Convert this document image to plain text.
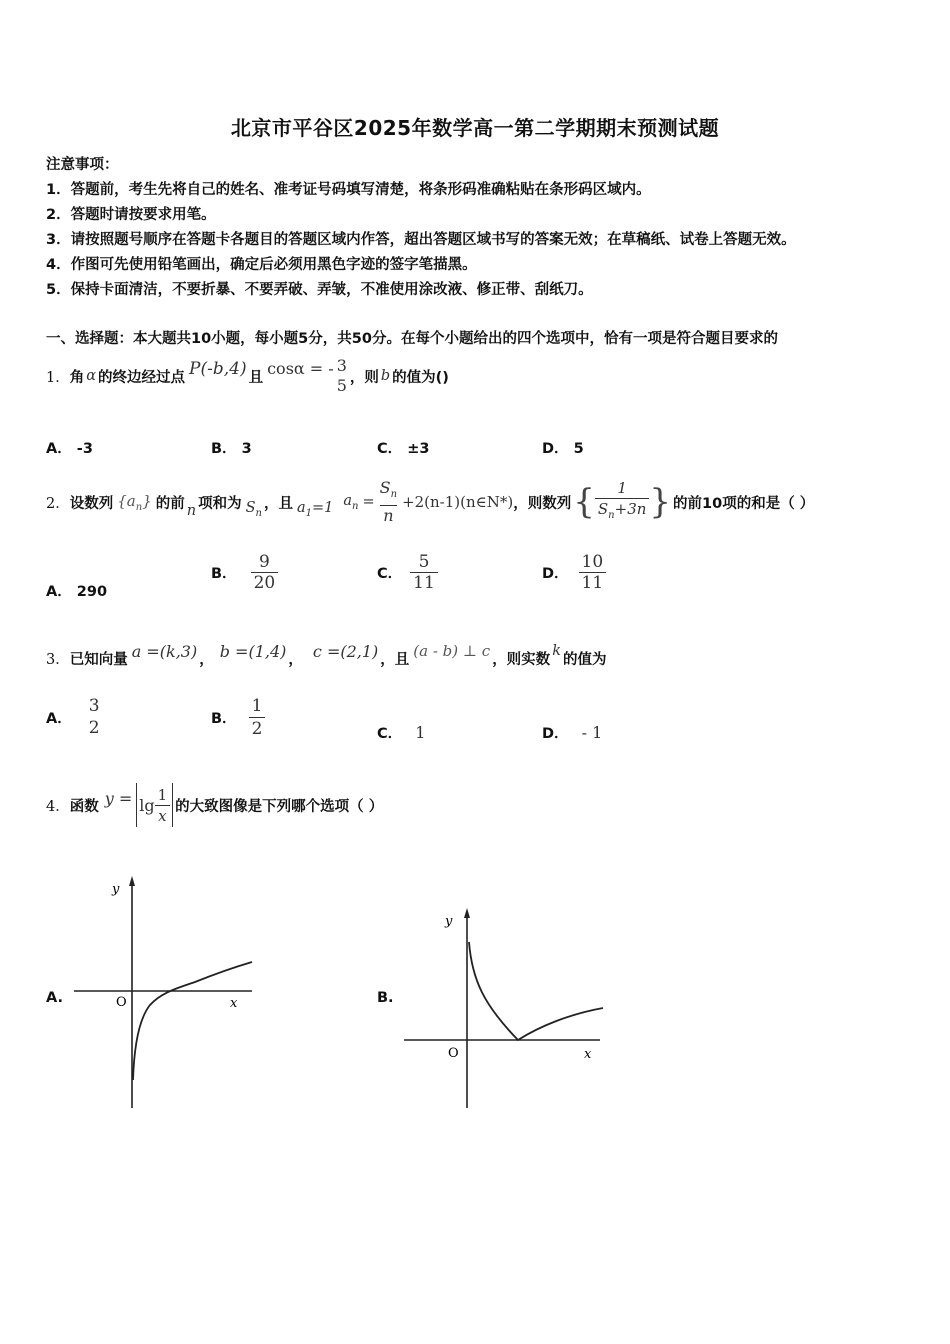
北京市平谷区2025年数学高一第二学期期末预测试题
注意事项：
1．答题前，考生先将自己的姓名、准考证号码填写清楚，将条形码准确粘贴在条形码区域内。
2．答题时请按要求用笔。
3．请按照题号顺序在答题卡各题目的答题区域内作答，超出答题区域书写的答案无效；在草稿纸、试卷上答题无效。
4．作图可先使用铅笔画出，确定后必须用黑色字迹的签字笔描黑。
5．保持卡面清洁，不要折暴、不要弄破、弄皱，不准使用涂改液、修正带、刮纸刀。
一、选择题：本大题共10小题，每小题5分，共50分。在每个小题给出的四个选项中，恰有一项是符合题目要求的
1． 角 α 的终边经过点 P(-b,4) 且 cosα = - 3
5 ，则 b 的值为()
A． -3	B． 3	C． ±3	D． 5
2． 设数列 $\{a_n\}$ 的前 n 项和为 $S_n$
，且 $a_1=1$ $a_n = \frac{S_n}{n}$ +2(n-1)(n∈N*) ，则数列 { $\frac{1}{S_n+3n}$ } 的前10项的和是（ ）
A． 290
B． $\frac{9}{20}$	C． $\frac{5}{11}$	D． $\frac{10}{11}$
3． 已知向量 a =(k,3) ， b =(1,4) ， c =(2,1) ，且 (a - b) ⊥ c ，则实数
k
的值为
A．
3
2	B． $\frac{1}{2}$	C． 1	D． - 1
4． 函数 $y = \lg \frac{1}{x}$ 的大致图像是下列哪个选项（ ）
A.
y
x
O	B.
y
x
O
